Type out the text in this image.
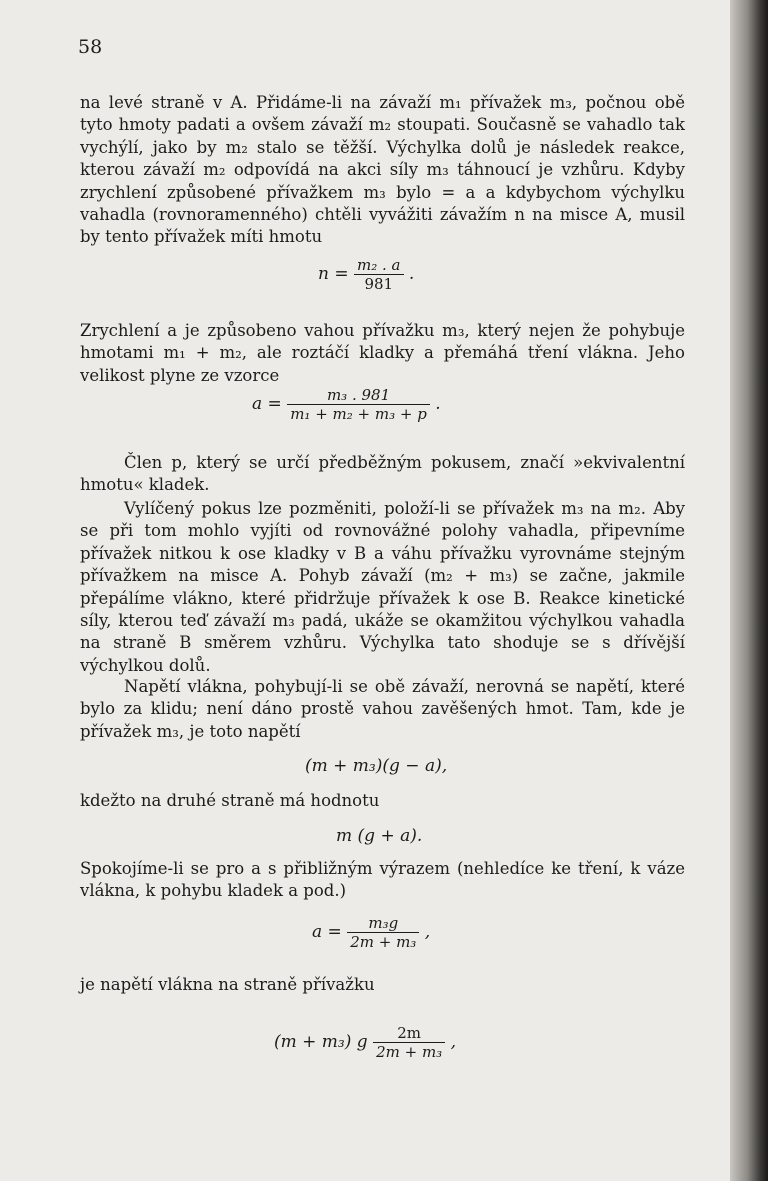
58
na levé straně v A. Přidáme-li na závaží m₁ přívažek m₃, počnou obě tyto hmoty padati a ovšem závaží m₂ stoupati. Současně se vahadlo tak vychýlí, jako by m₂ stalo se těžší. Výchylka dolů je následek reakce, kterou závaží m₂ odpovídá na akci síly m₃ táhnoucí je vzhůru. Kdyby zrychlení způsobené přívažkem m₃ bylo = a a kdybychom výchylku vahadla (rovnoramenného) chtěli vyvážiti závažím n na misce A, musil by tento přívažek míti hmotu
$n = \frac{\text{m₂ . a}}{981}$ .
Zrychlení a je způsobeno vahou přívažku m₃, který nejen že pohybuje hmotami m₁ + m₂, ale roztáčí kladky a přemáhá tření vlákna. Jeho velikost plyne ze vzorce
$a = \frac{\text{m₃ . 981}}{\text{m₁ + m₂ + m₃ + p}}$ .
Člen p, který se určí předběžným pokusem, značí »ekvivalentní hmotu« kladek.
Vylíčený pokus lze pozměniti, položí-li se přívažek m₃ na m₂. Aby se při tom mohlo vyjíti od rovnovážné polohy vahadla, připevníme přívažek nitkou k ose kladky v B a váhu přívažku vyrovnáme stejným přívažkem na misce A. Pohyb závaží (m₂ + m₃) se začne, jakmile přepálíme vlákno, které přidržuje přívažek k ose B. Reakce kinetické síly, kterou teď závaží m₃ padá, ukáže se okamžitou výchylkou vahadla na straně B směrem vzhůru. Výchylka tato shoduje se s dřívější výchylkou dolů.
Napětí vlákna, pohybují-li se obě závaží, nerovná se napětí, které bylo za klidu; není dáno prostě vahou zavěšených hmot. Tam, kde je přívažek m₃, je toto napětí
(m + m₃)(g − a),
kdežto na druhé straně má hodnotu
m (g + a).
Spokojíme-li se pro a s přibližným výrazem (nehledíce ke tření, k váze vlákna, k pohybu kladek a pod.)
$a = \frac{\text{m₃g}}{\text{2m + m₃}}$ ,
je napětí vlákna na straně přívažku
(m + m₃) g $\frac{2m}{\text{2m + m₃}}$ ,
